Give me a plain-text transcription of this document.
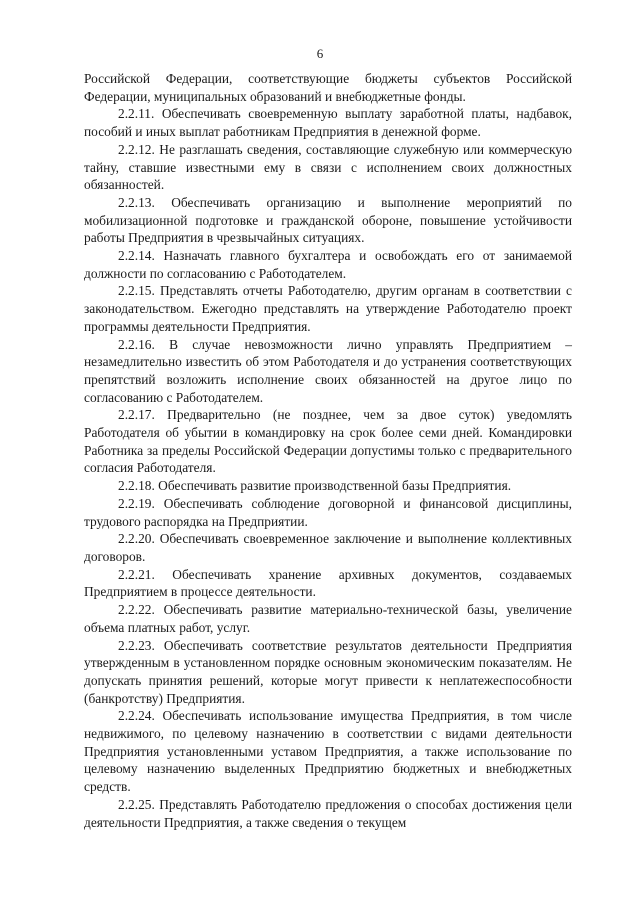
6

Российской Федерации, соответствующие бюджеты субъектов Российской Федерации, муниципальных образований и внебюджетные фонды.

2.2.11. Обеспечивать своевременную выплату заработной платы, надбавок, пособий и иных выплат работникам Предприятия в денежной форме.

2.2.12. Не разглашать сведения, составляющие служебную или коммерческую тайну, ставшие известными ему в связи с исполнением своих должностных обязанностей.

2.2.13. Обеспечивать организацию и выполнение мероприятий по мобилизационной подготовке и гражданской обороне, повышение устойчивости работы Предприятия в чрезвычайных ситуациях.

2.2.14. Назначать главного бухгалтера и освобождать его от занимаемой должности по согласованию с Работодателем.

2.2.15. Представлять отчеты Работодателю, другим органам в соответствии с законодательством. Ежегодно представлять на утверждение Работодателю проект программы деятельности Предприятия.

2.2.16. В случае невозможности лично управлять Предприятием – незамедлительно известить об этом Работодателя и до устранения соответствующих препятствий возложить исполнение своих обязанностей на другое лицо по согласованию с Работодателем.

2.2.17. Предварительно (не позднее, чем за двое суток) уведомлять Работодателя об убытии в командировку на срок более семи дней. Командировки Работника за пределы Российской Федерации допустимы только с предварительного согласия Работодателя.

2.2.18. Обеспечивать развитие производственной базы Предприятия.

2.2.19. Обеспечивать соблюдение договорной и финансовой дисциплины, трудового распорядка на Предприятии.

2.2.20. Обеспечивать своевременное заключение и выполнение коллективных договоров.

2.2.21. Обеспечивать хранение архивных документов, создаваемых Предприятием в процессе деятельности.

2.2.22. Обеспечивать развитие материально-технической базы, увеличение объема платных работ, услуг.

2.2.23. Обеспечивать соответствие результатов деятельности Предприятия утвержденным в установленном порядке основным экономическим показателям. Не допускать принятия решений, которые могут привести к неплатежеспособности (банкротству) Предприятия.

2.2.24. Обеспечивать использование имущества Предприятия, в том числе недвижимого, по целевому назначению в соответствии с видами деятельности Предприятия установленными уставом Предприятия, а также использование по целевому назначению выделенных Предприятию бюджетных и внебюджетных средств.

2.2.25. Представлять Работодателю предложения о способах достижения цели деятельности Предприятия, а также сведения о текущем
